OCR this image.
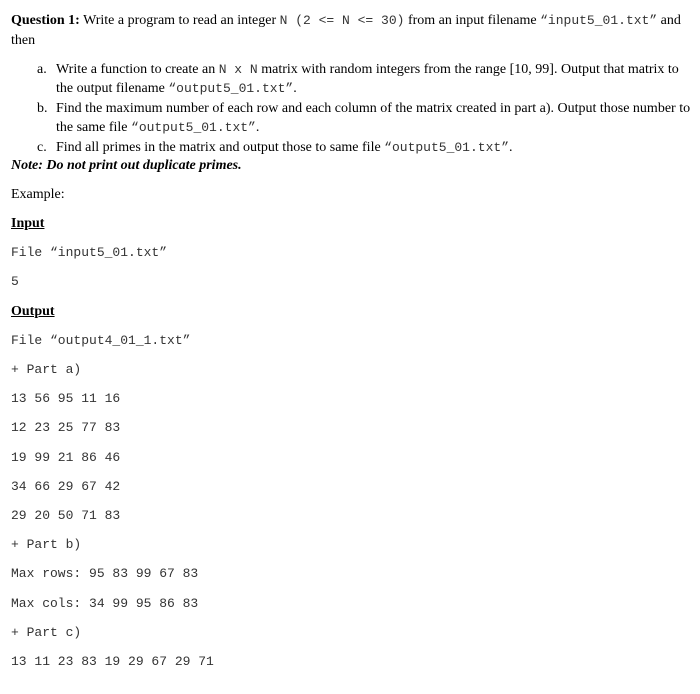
Question 1: Write a program to read an integer N (2 <= N <= 30) from an input filename “input5_01.txt” and then
a. Write a function to create an N x N matrix with random integers from the range [10, 99]. Output that matrix to the output filename “output5_01.txt”.
b. Find the maximum number of each row and each column of the matrix created in part a). Output those number to the same file “output5_01.txt”.
c. Find all primes in the matrix and output those to same file “output5_01.txt”.
Note: Do not print out duplicate primes.
Example:
Input
File “input5_01.txt”
5
Output
File “output4_01_1.txt”
+ Part a)
13 56 95 11 16
12 23 25 77 83
19 99 21 86 46
34 66 29 67 42
29 20 50 71 83
+ Part b)
Max rows: 95 83 99 67 83
Max cols: 34 99 95 86 83
+ Part c)
13 11 23 83 19 29 67 29 71
